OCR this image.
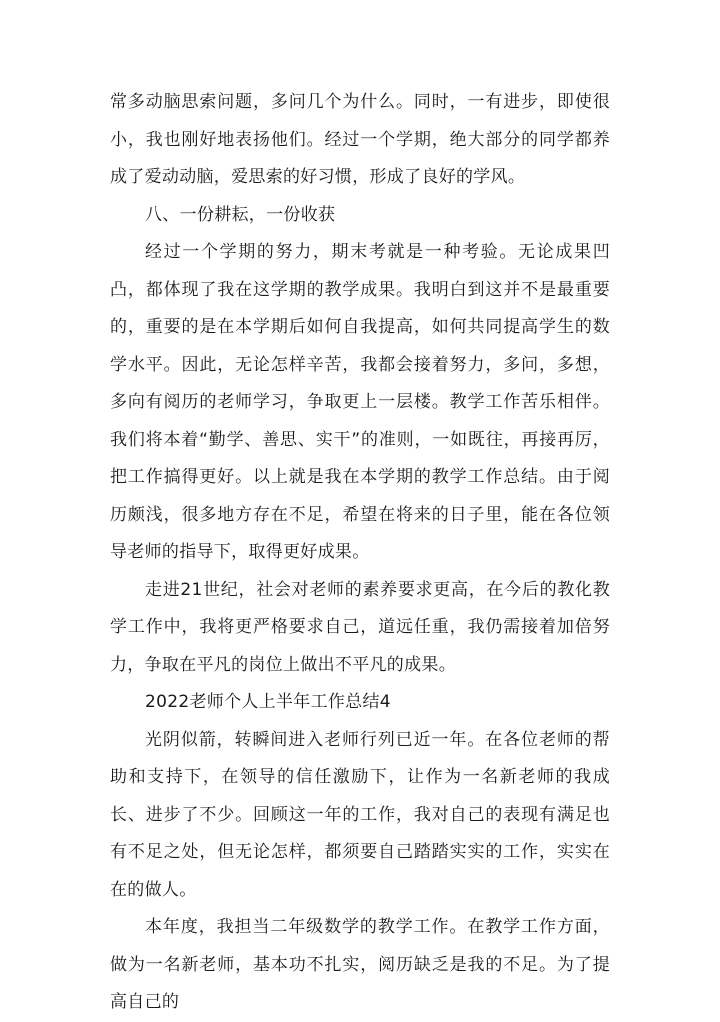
常多动脑思索问题，多问几个为什么。同时，一有进步，即使很小，我也刚好地表扬他们。经过一个学期，绝大部分的同学都养成了爱动动脑，爱思索的好习惯，形成了良好的学风。

八、一份耕耘，一份收获

经过一个学期的努力，期末考就是一种考验。无论成果凹凸，都体现了我在这学期的教学成果。我明白到这并不是最重要的，重要的是在本学期后如何自我提高，如何共同提高学生的数学水平。因此，无论怎样辛苦，我都会接着努力，多问，多想，多向有阅历的老师学习，争取更上一层楼。教学工作苦乐相伴。我们将本着“勤学、善思、实干”的准则，一如既往，再接再厉，把工作搞得更好。以上就是我在本学期的教学工作总结。由于阅历颇浅，很多地方存在不足，希望在将来的日子里，能在各位领导老师的指导下，取得更好成果。

走进21世纪，社会对老师的素养要求更高，在今后的教化教学工作中，我将更严格要求自己，道远任重，我仍需接着加倍努力，争取在平凡的岗位上做出不平凡的成果。

2022老师个人上半年工作总结4

光阴似箭，转瞬间进入老师行列已近一年。在各位老师的帮助和支持下，在领导的信任激励下，让作为一名新老师的我成长、进步了不少。回顾这一年的工作，我对自己的表现有满足也有不足之处，但无论怎样，都须要自己踏踏实实的工作，实实在在的做人。

本年度，我担当二年级数学的教学工作。在教学工作方面，做为一名新老师，基本功不扎实，阅历缺乏是我的不足。为了提高自己的
